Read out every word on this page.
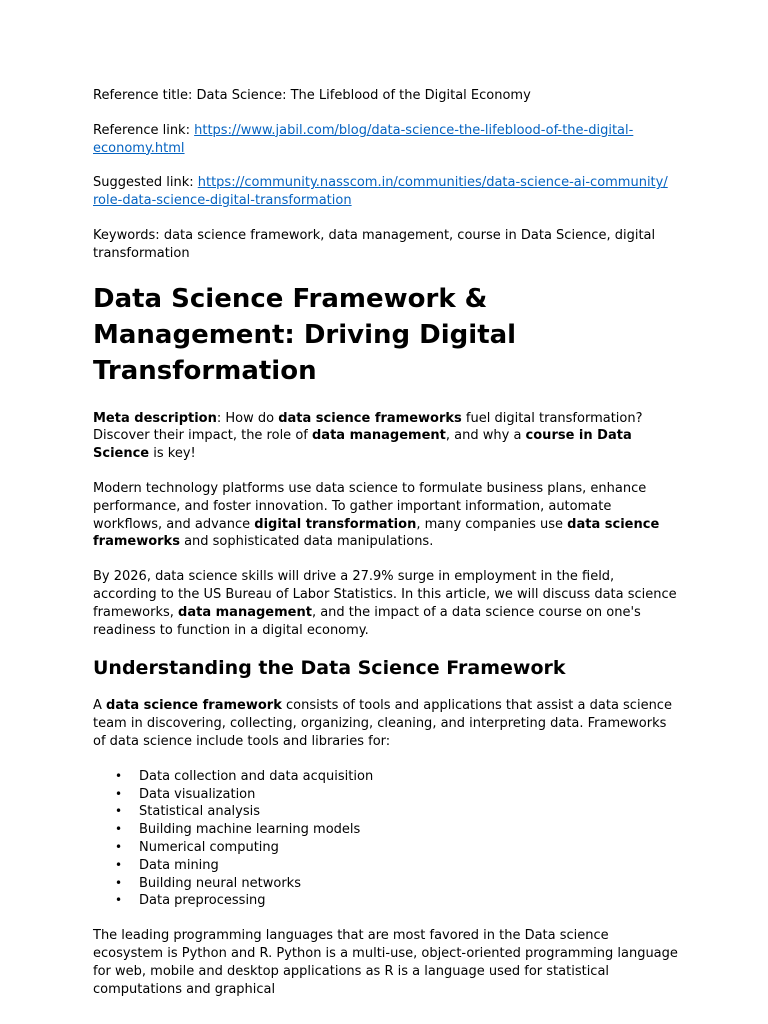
Reference title: Data Science: The Lifeblood of the Digital Economy

Reference link: https://www.jabil.com/blog/data-science-the-lifeblood-of-the-digital-
economy.html

Suggested link: https://community.nasscom.in/communities/data-science-ai-community/
role-data-science-digital-transformation

Keywords: data science framework, data management, course in Data Science, digital transformation

Data Science Framework & Management: Driving Digital Transformation

Meta description: How do data science frameworks fuel digital transformation? Discover their impact, the role of data management, and why a course in Data Science is key!

Modern technology platforms use data science to formulate business plans, enhance performance, and foster innovation. To gather important information, automate workflows, and advance digital transformation, many companies use data science frameworks and sophisticated data manipulations.

By 2026, data science skills will drive a 27.9% surge in employment in the field, according to the US Bureau of Labor Statistics. In this article, we will discuss data science frameworks, data management, and the impact of a data science course on one's readiness to function in a digital economy.

Understanding the Data Science Framework

A data science framework consists of tools and applications that assist a data science team in discovering, collecting, organizing, cleaning, and interpreting data. Frameworks of data science include tools and libraries for:

• Data collection and data acquisition
• Data visualization
• Statistical analysis
• Building machine learning models
• Numerical computing
• Data mining
• Building neural networks
• Data preprocessing

The leading programming languages that are most favored in the Data science ecosystem is Python and R. Python is a multi-use, object-oriented programming language for web, mobile and desktop applications as R is a language used for statistical computations and graphical
